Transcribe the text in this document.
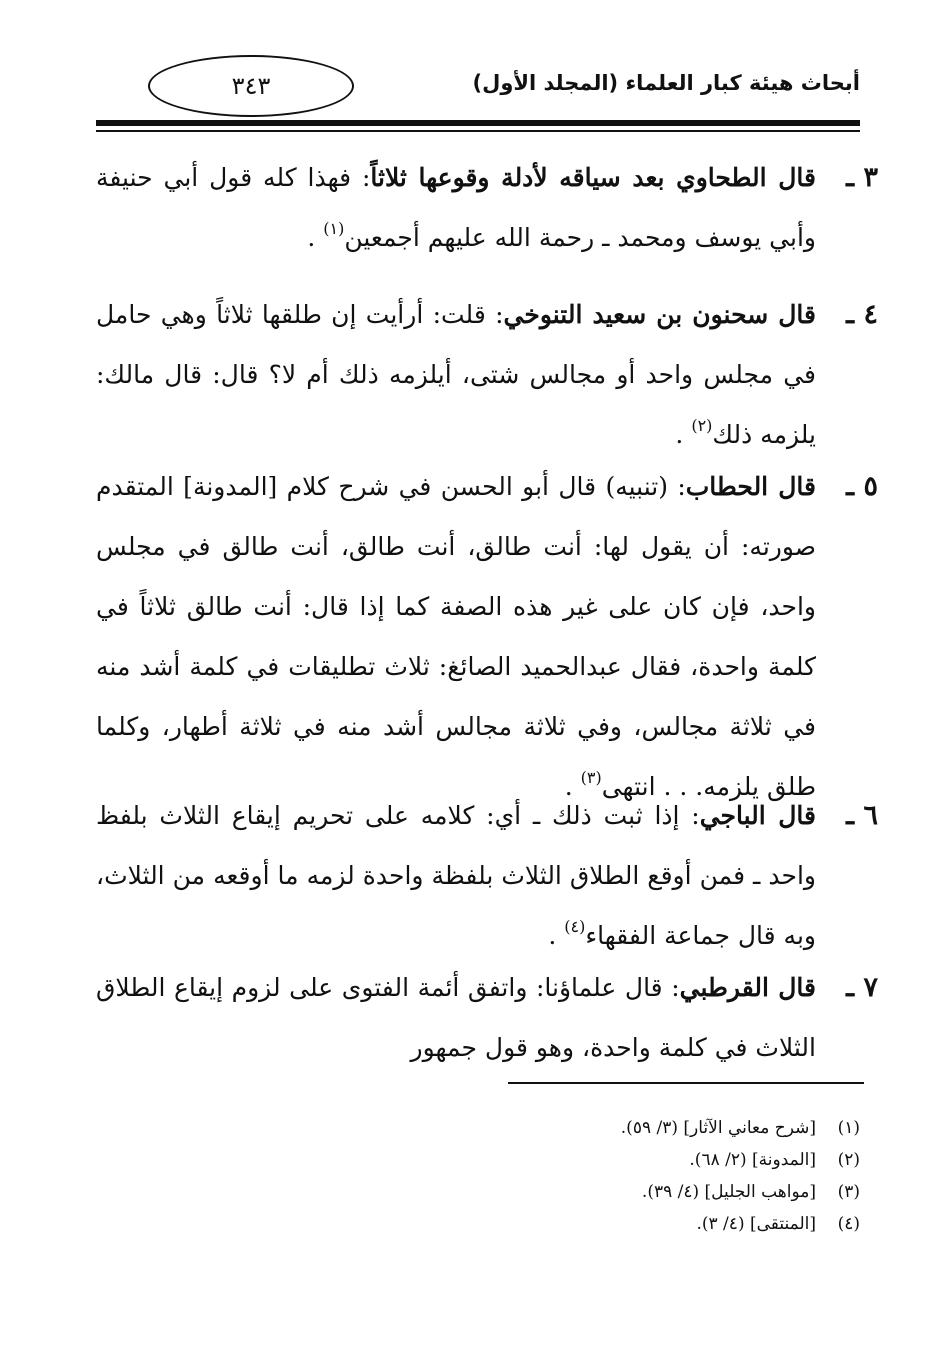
أبحاث هيئة كبار العلماء (المجلد الأول)
٣٤٣
٣ ـ
قال الطحاوي بعد سياقه لأدلة وقوعها ثلاثاً: فهذا كله قول أبي حنيفة وأبي يوسف ومحمد ـ رحمة الله عليهم أجمعين$^{(١)}$ .
٤ ـ
قال سحنون بن سعيد التنوخي: قلت: أرأيت إن طلقها ثلاثاً وهي حامل في مجلس واحد أو مجالس شتى، أيلزمه ذلك أم لا؟ قال: قال مالك: يلزمه ذلك$^{(٢)}$ .
٥ ـ
قال الحطاب: (تنبيه) قال أبو الحسن في شرح كلام [المدونة] المتقدم صورته: أن يقول لها: أنت طالق، أنت طالق، أنت طالق في مجلس واحد، فإن كان على غير هذه الصفة كما إذا قال: أنت طالق ثلاثاً في كلمة واحدة، فقال عبدالحميد الصائغ: ثلاث تطليقات في كلمة أشد منه في ثلاثة مجالس، وفي ثلاثة مجالس أشد منه في ثلاثة أطهار، وكلما طلق يلزمه. . . انتهى$^{(٣)}$ .
٦ ـ
قال الباجي: إذا ثبت ذلك ـ أي: كلامه على تحريم إيقاع الثلاث بلفظ واحد ـ فمن أوقع الطلاق الثلاث بلفظة واحدة لزمه ما أوقعه من الثلاث، وبه قال جماعة الفقهاء$^{(٤)}$ .
٧ ـ
قال القرطبي: قال علماؤنا: واتفق أئمة الفتوى على لزوم إيقاع الطلاق الثلاث في كلمة واحدة، وهو قول جمهور
(١)[شرح معاني الآثار] (٣/ ٥٩).
(٢)[المدونة] (٢/ ٦٨).
(٣)[مواهب الجليل] (٤/ ٣٩).
(٤)[المنتقى] (٤/ ٣).
